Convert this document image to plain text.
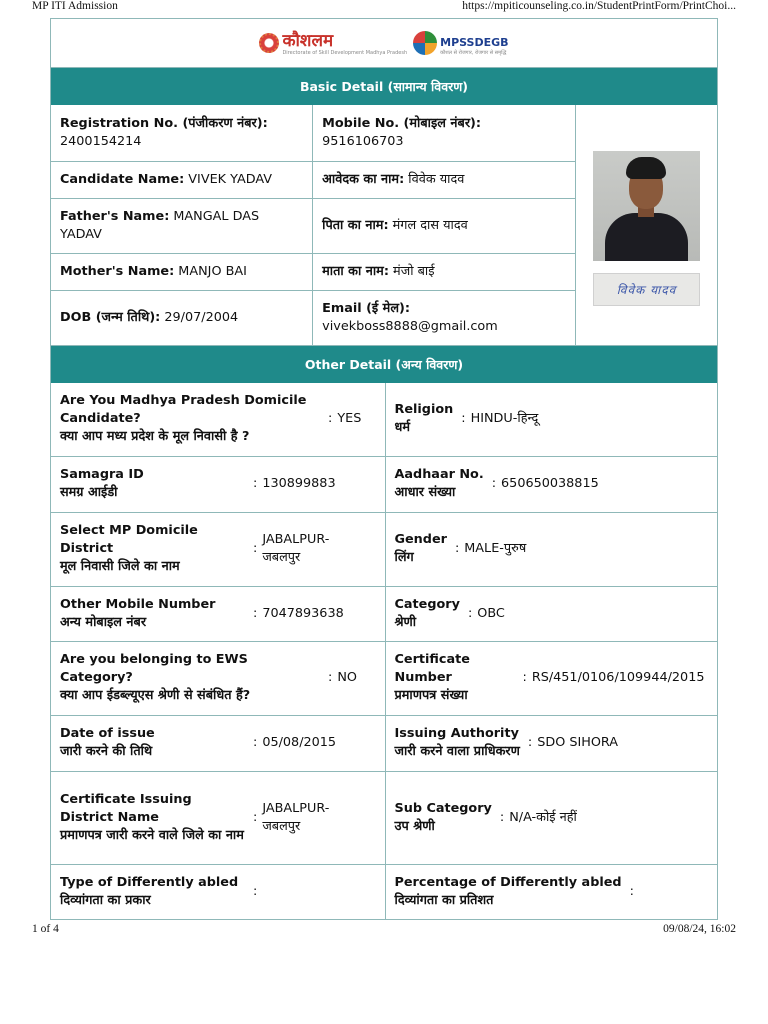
MP ITI Admission	https://mpiticounseling.co.in/StudentPrintForm/PrintChoi...
कौशलम
Directorate of Skill Development Madhya Pradesh
MPSSDEGB
कौशल से रोजगार, रोजगार से समृद्धि
Basic Detail (सामान्य विवरण)
Registration No. (पंजीकरण नंबर):
2400154214	Mobile No. (मोबाइल नंबर):
9516106703
Candidate Name: VIVEK YADAV	आवेदक का नाम: विवेक यादव
Father's Name: MANGAL DAS YADAV	पिता का नाम: मंगल दास यादव
Mother's Name: MANJO BAI	माता का नाम: मंजो बाई
DOB (जन्म तिथि): 29/07/2004	Email (ई मेल):
vivekboss8888@gmail.com
विवेक यादव
Other Detail (अन्य विवरण)
Are You Madhya Pradesh Domicile Candidate?
क्या आप मध्य प्रदेश के मूल निवासी है ?
: YES	Religion
धर्म
: HINDU-हिन्दू

Samagra ID
समग्र आईडी
: 130899883	Aadhaar No.
आधार संख्या
: 650650038815

Select MP Domicile District
मूल निवासी जिले का नाम
:
JABALPUR-जबलपुर	Gender
लिंग
: MALE-पुरुष

Other Mobile Number
अन्य मोबाइल नंबर
: 7047893638	Category
श्रेणी
: OBC

Are you belonging to EWS Category?
क्या आप ईडब्ल्यूएस श्रेणी से संबंधित हैं?
: NO	Certificate Number
प्रमाणपत्र संख्या
: RS/451/0106/109944/2015

Date of issue
जारी करने की तिथि
: 05/08/2015	Issuing Authority
जारी करने वाला प्राधिकरण
: SDO SIHORA

Certificate Issuing District Name
प्रमाणपत्र जारी करने वाले जिले का नाम
:
JABALPUR-जबलपुर	Sub Category
उप श्रेणी
: N/A-कोई नहीं

Type of Differently abled
दिव्यांगता का प्रकार
:	Percentage of Differently abled
दिव्यांगता का प्रतिशत
:
1 of 4	09/08/24, 16:02
